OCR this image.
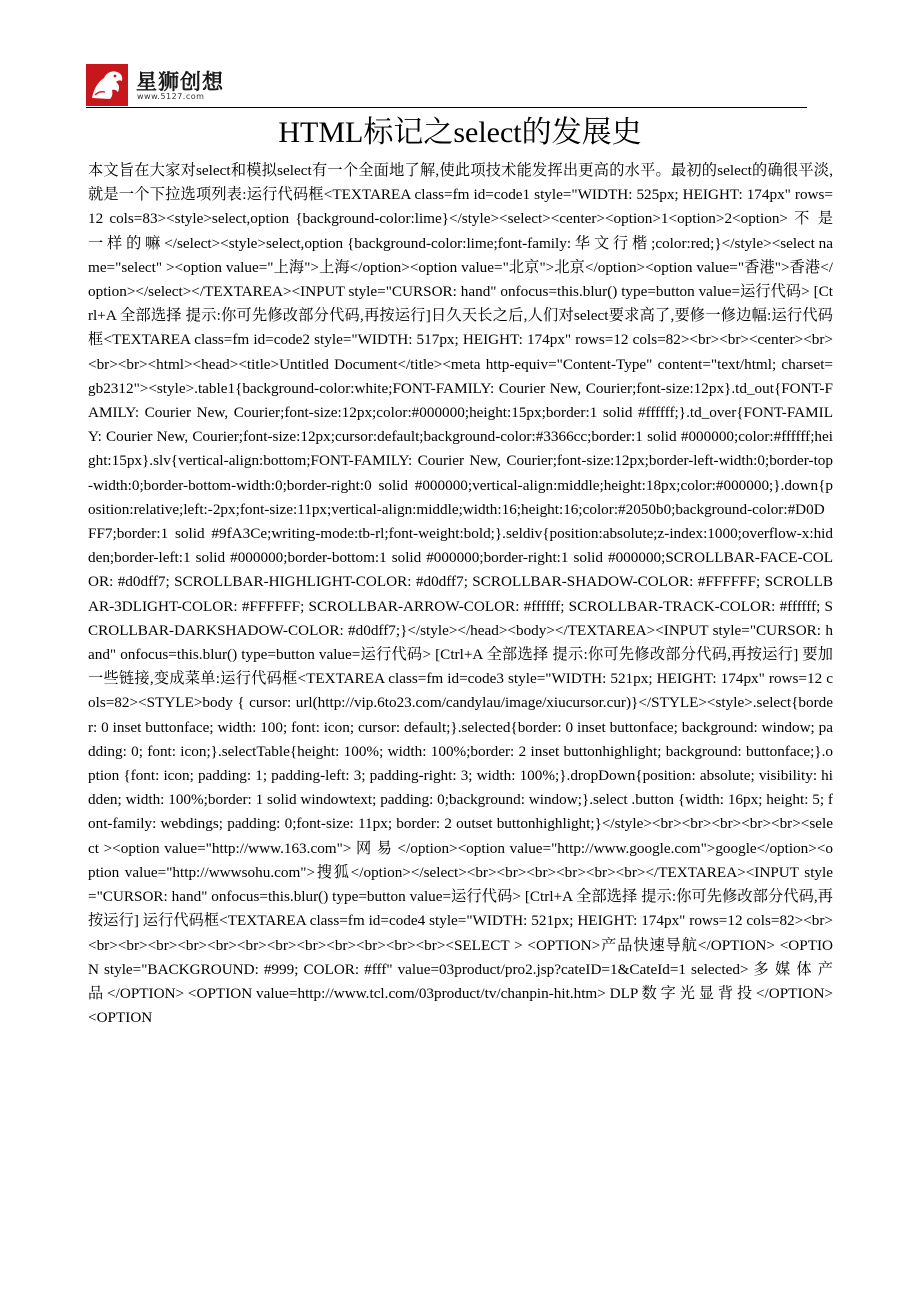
星狮创想
www.5127.com
HTML标记之select的发展史

本文旨在大家对select和模拟select有一个全面地了解,使此项技术能发挥出更高的水平。最初的select的确很平淡,就是一个下拉选项列表:运行代码框<TEXTAREA class=fm id=code1 style="WIDTH: 525px; HEIGHT: 174px" rows=12 cols=83><style>select,option {background-color:lime}</style><select><center><option>1<option>2<option> 不 是 一 样 的 嘛 </select><style>select,option {background-color:lime;font-family: 华 文 行 楷 ;color:red;}</style><select name="select" ><option value="上海">上海</option><option value="北京">北京</option><option value="香港">香港</option></select></TEXTAREA><INPUT style="CURSOR: hand" onfocus=this.blur() type=button value=运行代码> [Ctrl+A 全部选择 提示:你可先修改部分代码,再按运行]日久天长之后,人们对select要求高了,要修一修边幅:运行代码框<TEXTAREA class=fm id=code2 style="WIDTH: 517px; HEIGHT: 174px" rows=12 cols=82><br><br><center><br><br><br><html><head><title>Untitled Document</title><meta http-equiv="Content-Type" content="text/html; charset=gb2312"><style>.table1{background-color:white;FONT-FAMILY: Courier New, Courier;font-size:12px}.td_out{FONT-FAMILY: Courier New, Courier;font-size:12px;color:#000000;height:15px;border:1 solid #ffffff;}.td_over{FONT-FAMILY: Courier New, Courier;font-size:12px;cursor:default;background-color:#3366cc;border:1 solid #000000;color:#ffffff;height:15px}.slv{vertical-align:bottom;FONT-FAMILY: Courier New, Courier;font-size:12px;border-left-width:0;border-top-width:0;border-bottom-width:0;border-right:0 solid #000000;vertical-align:middle;height:18px;color:#000000;}.down{position:relative;left:-2px;font-size:11px;vertical-align:middle;width:16;height:16;color:#2050b0;background-color:#D0DFF7;border:1 solid #9fA3Ce;writing-mode:tb-rl;font-weight:bold;}.seldiv{position:absolute;z-index:1000;overflow-x:hidden;border-left:1 solid #000000;border-bottom:1 solid #000000;border-right:1 solid #000000;SCROLLBAR-FACE-COLOR: #d0dff7; SCROLLBAR-HIGHLIGHT-COLOR: #d0dff7; SCROLLBAR-SHADOW-COLOR: #FFFFFF; SCROLLBAR-3DLIGHT-COLOR: #FFFFFF; SCROLLBAR-ARROW-COLOR: #ffffff; SCROLLBAR-TRACK-COLOR: #ffffff; SCROLLBAR-DARKSHADOW-COLOR: #d0dff7;}</style></head><body></TEXTAREA><INPUT style="CURSOR: hand" onfocus=this.blur() type=button value=运行代码> [Ctrl+A 全部选择 提示:你可先修改部分代码,再按运行] 要加一些链接,变成菜单:运行代码框<TEXTAREA class=fm id=code3 style="WIDTH: 521px; HEIGHT: 174px" rows=12 cols=82><STYLE>body { cursor: url(http://vip.6to23.com/candylau/image/xiucursor.cur)}</STYLE><style>.select{border: 0 inset buttonface; width: 100; font: icon; cursor: default;}.selected{border: 0 inset buttonface; background: window; padding: 0; font: icon;}.selectTable{height: 100%; width: 100%;border: 2 inset buttonhighlight; background: buttonface;}.option {font: icon; padding: 1; padding-left: 3; padding-right: 3; width: 100%;}.dropDown{position: absolute; visibility: hidden; width: 100%;border: 1 solid windowtext; padding: 0;background: window;}.select .button {width: 16px; height: 5; font-family: webdings; padding: 0;font-size: 11px; border: 2 outset buttonhighlight;}</style><br><br><br><br><br><select ><option value="http://www.163.com"> 网 易 </option><option value="http://www.google.com">google</option><option value="http://wwwsohu.com">搜狐</option></select><br><br><br><br><br><br></TEXTAREA><INPUT style="CURSOR: hand" onfocus=this.blur() type=button value=运行代码> [Ctrl+A 全部选择 提示:你可先修改部分代码,再按运行] 运行代码框<TEXTAREA class=fm id=code4 style="WIDTH: 521px; HEIGHT: 174px" rows=12 cols=82><br><br><br><br><br><br><br><br><br><br><br><br><br><SELECT > <OPTION>产品快速导航</OPTION> <OPTION style="BACKGROUND: #999; COLOR: #fff" value=03product/pro2.jsp?cateID=1&CateId=1 selected> 多 媒 体 产 品 </OPTION> <OPTION value=http://www.tcl.com/03product/tv/chanpin-hit.htm> DLP 数 字 光 显 背 投 </OPTION> <OPTION
